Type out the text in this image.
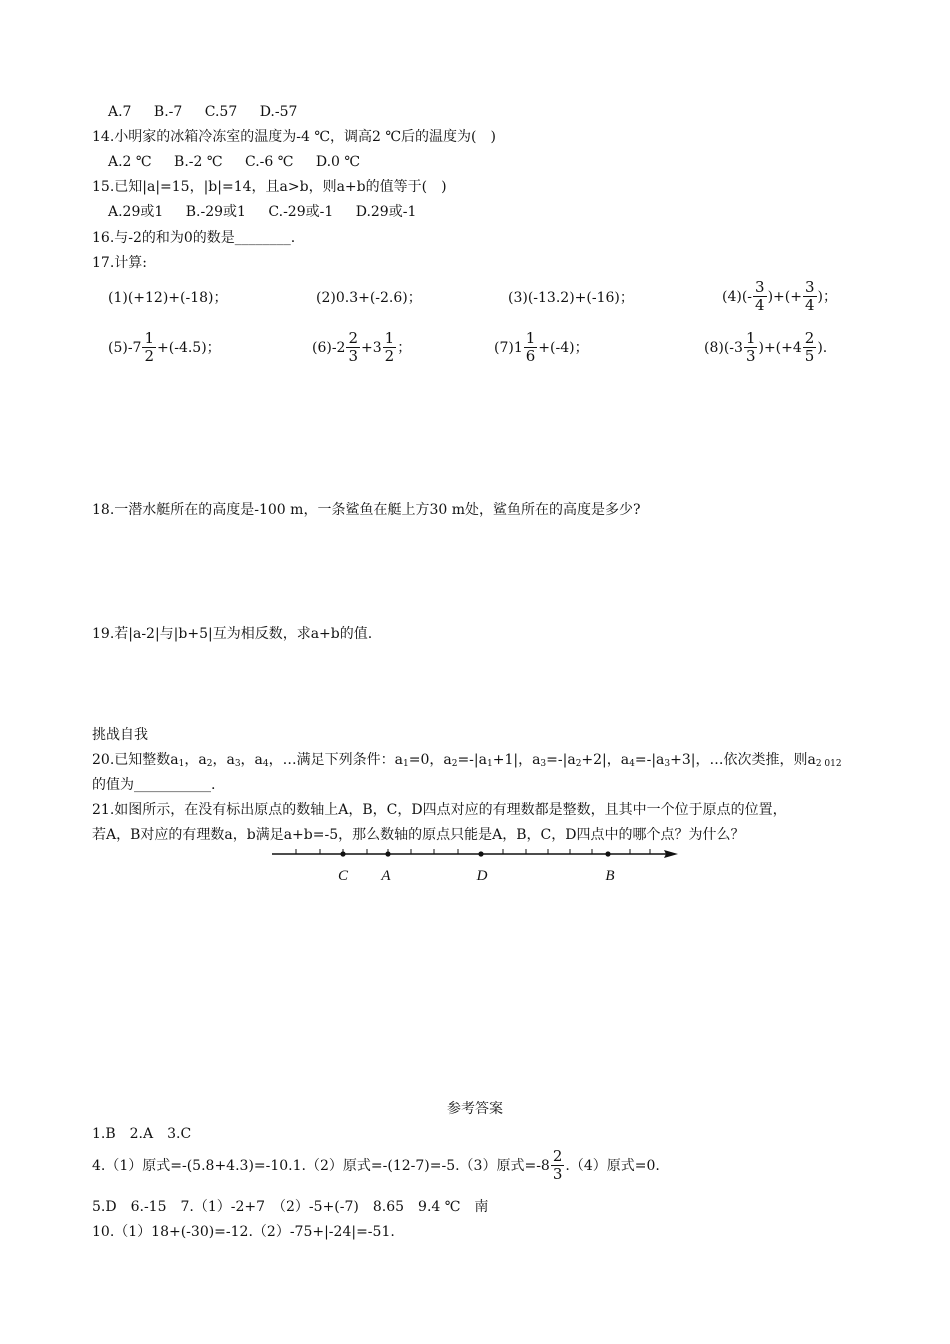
A.7 B.-7 C.57 D.-57
14.小明家的冰箱冷冻室的温度为-4 ℃，调高2 ℃后的温度为(　)
A.2 ℃ B.-2 ℃ C.-6 ℃ D.0 ℃
15.已知|a|=15，|b|=14，且a>b，则a+b的值等于(　)
A.29或1 B.-29或1 C.-29或-1 D.29或-1
16.与-2的和为0的数是________.
17.计算:
(1)(+12)+(-18)；	(2)0.3+(-2.6)；	(3)(-13.2)+(-16)；	$(4)(- \frac{3}{4}$ )+(+ $\frac{3}{4}$ )；
$(5)-7 \frac{1}{2} +(-4.5)$；	$(6)-2 \frac{2}{3} +3 \frac{1}{2}$ ；	$(7)1 \frac{1}{6} +(-4)$；	$(8)(-3 \frac{1}{3} )+(+4 \frac{2}{5}$ ).
18.一潜水艇所在的高度是-100 m，一条鲨鱼在艇上方30 m处，鲨鱼所在的高度是多少?
19.若|a-2|与|b+5|互为相反数，求a+b的值.
挑战自我
20.已知整数$a_1$，$a_2$，$a_3$，$a_4$，…满足下列条件：$a_1=0$，$a_2=-|a_1+1|$，$a_3=-|a_2+2|$，$a_4=-|a_3+3|$，…依次类推，则$a_{2 012}$
的值为___________.
21.如图所示，在没有标出原点的数轴上A，B，C，D四点对应的有理数都是整数，且其中一个位于原点的位置，
若A，B对应的有理数a，b满足a+b=-5，那么数轴的原点只能是A，B，C，D四点中的哪个点？为什么？
C A	D	B
参考答案
1.B　2.A　3.C
4.（1）原式=-(5.8+4.3)=-10.1.（2）原式=-(12-7)=-5.（3）原式$=-8 \frac{2}{3} .(4)$原式=0.
5.D　6.-15　7.（1）-2+7　（2）-5+(-7)　8.65　9.4 ℃　南
10.（1）18+(-30)=-12.（2）-75+|-24|=-51.
